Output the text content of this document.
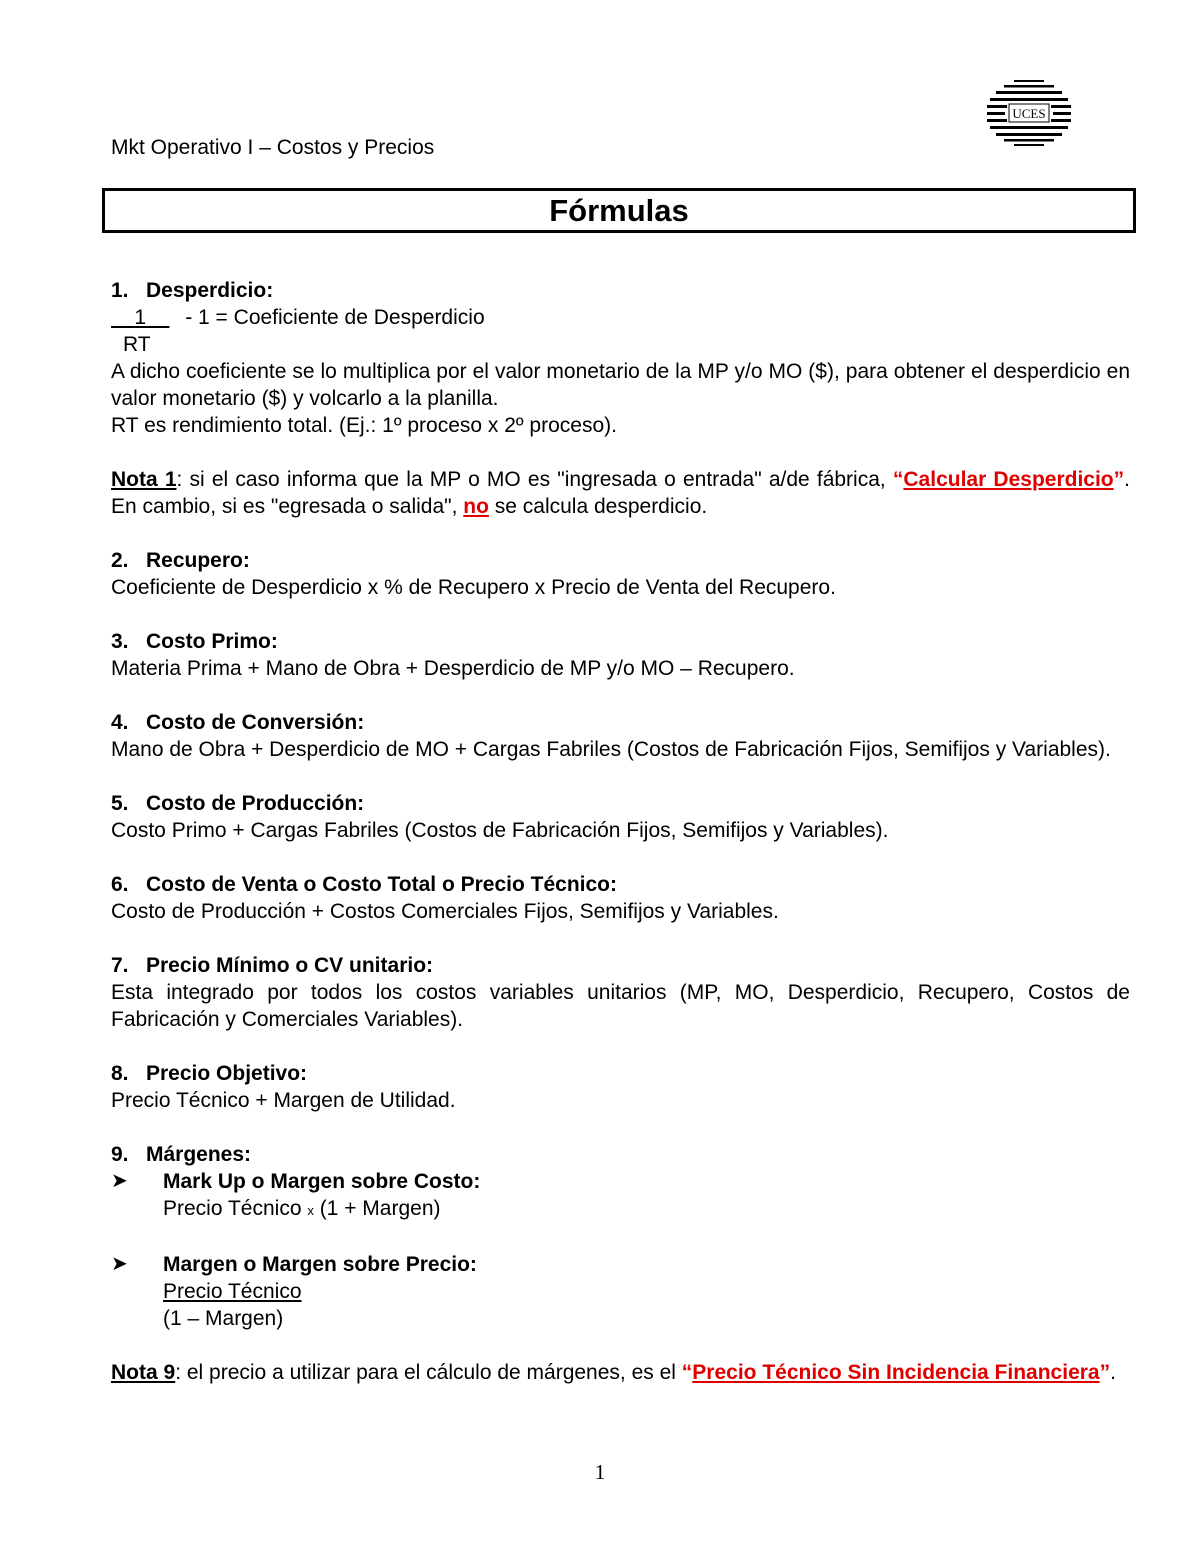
UCES
Mkt Operativo I – Costos y Precios
Fórmulas

1. Desperdicio:

1     - 1 = Coeficiente de Desperdicio

RT

A dicho coeficiente se lo multiplica por el valor monetario de la MP y/o MO ($), para obtener el desperdicio en valor monetario ($) y volcarlo a la planilla.

RT es rendimiento total. (Ej.: 1º proceso x 2º proceso).

Nota 1: si el caso informa que la MP o MO es "ingresada o entrada" a/de fábrica, “Calcular Desperdicio”. En cambio, si es "egresada o salida", no se calcula desperdicio.

2. Recupero:

Coeficiente de Desperdicio x % de Recupero x Precio de Venta del Recupero.

3. Costo Primo:

Materia Prima + Mano de Obra + Desperdicio de MP y/o MO – Recupero.

4. Costo de Conversión:

Mano de Obra + Desperdicio de MO + Cargas Fabriles (Costos de Fabricación Fijos, Semifijos y Variables).

5. Costo de Producción:

Costo Primo + Cargas Fabriles (Costos de Fabricación Fijos, Semifijos y Variables).

6. Costo de Venta o Costo Total o Precio Técnico:

Costo de Producción + Costos Comerciales Fijos, Semifijos y Variables.

7. Precio Mínimo o CV unitario:

Esta integrado por todos los costos variables unitarios (MP, MO, Desperdicio, Recupero, Costos de Fabricación y Comerciales Variables).

8. Precio Objetivo:

Precio Técnico + Margen de Utilidad.

9. Márgenes:

➤	Mark Up o Margen sobre Costo:

Precio Técnico x (1 + Margen)

➤	Margen o Margen sobre Precio:

Precio Técnico

(1 – Margen)

Nota 9: el precio a utilizar para el cálculo de márgenes, es el “Precio Técnico Sin Incidencia Financiera”.

1
